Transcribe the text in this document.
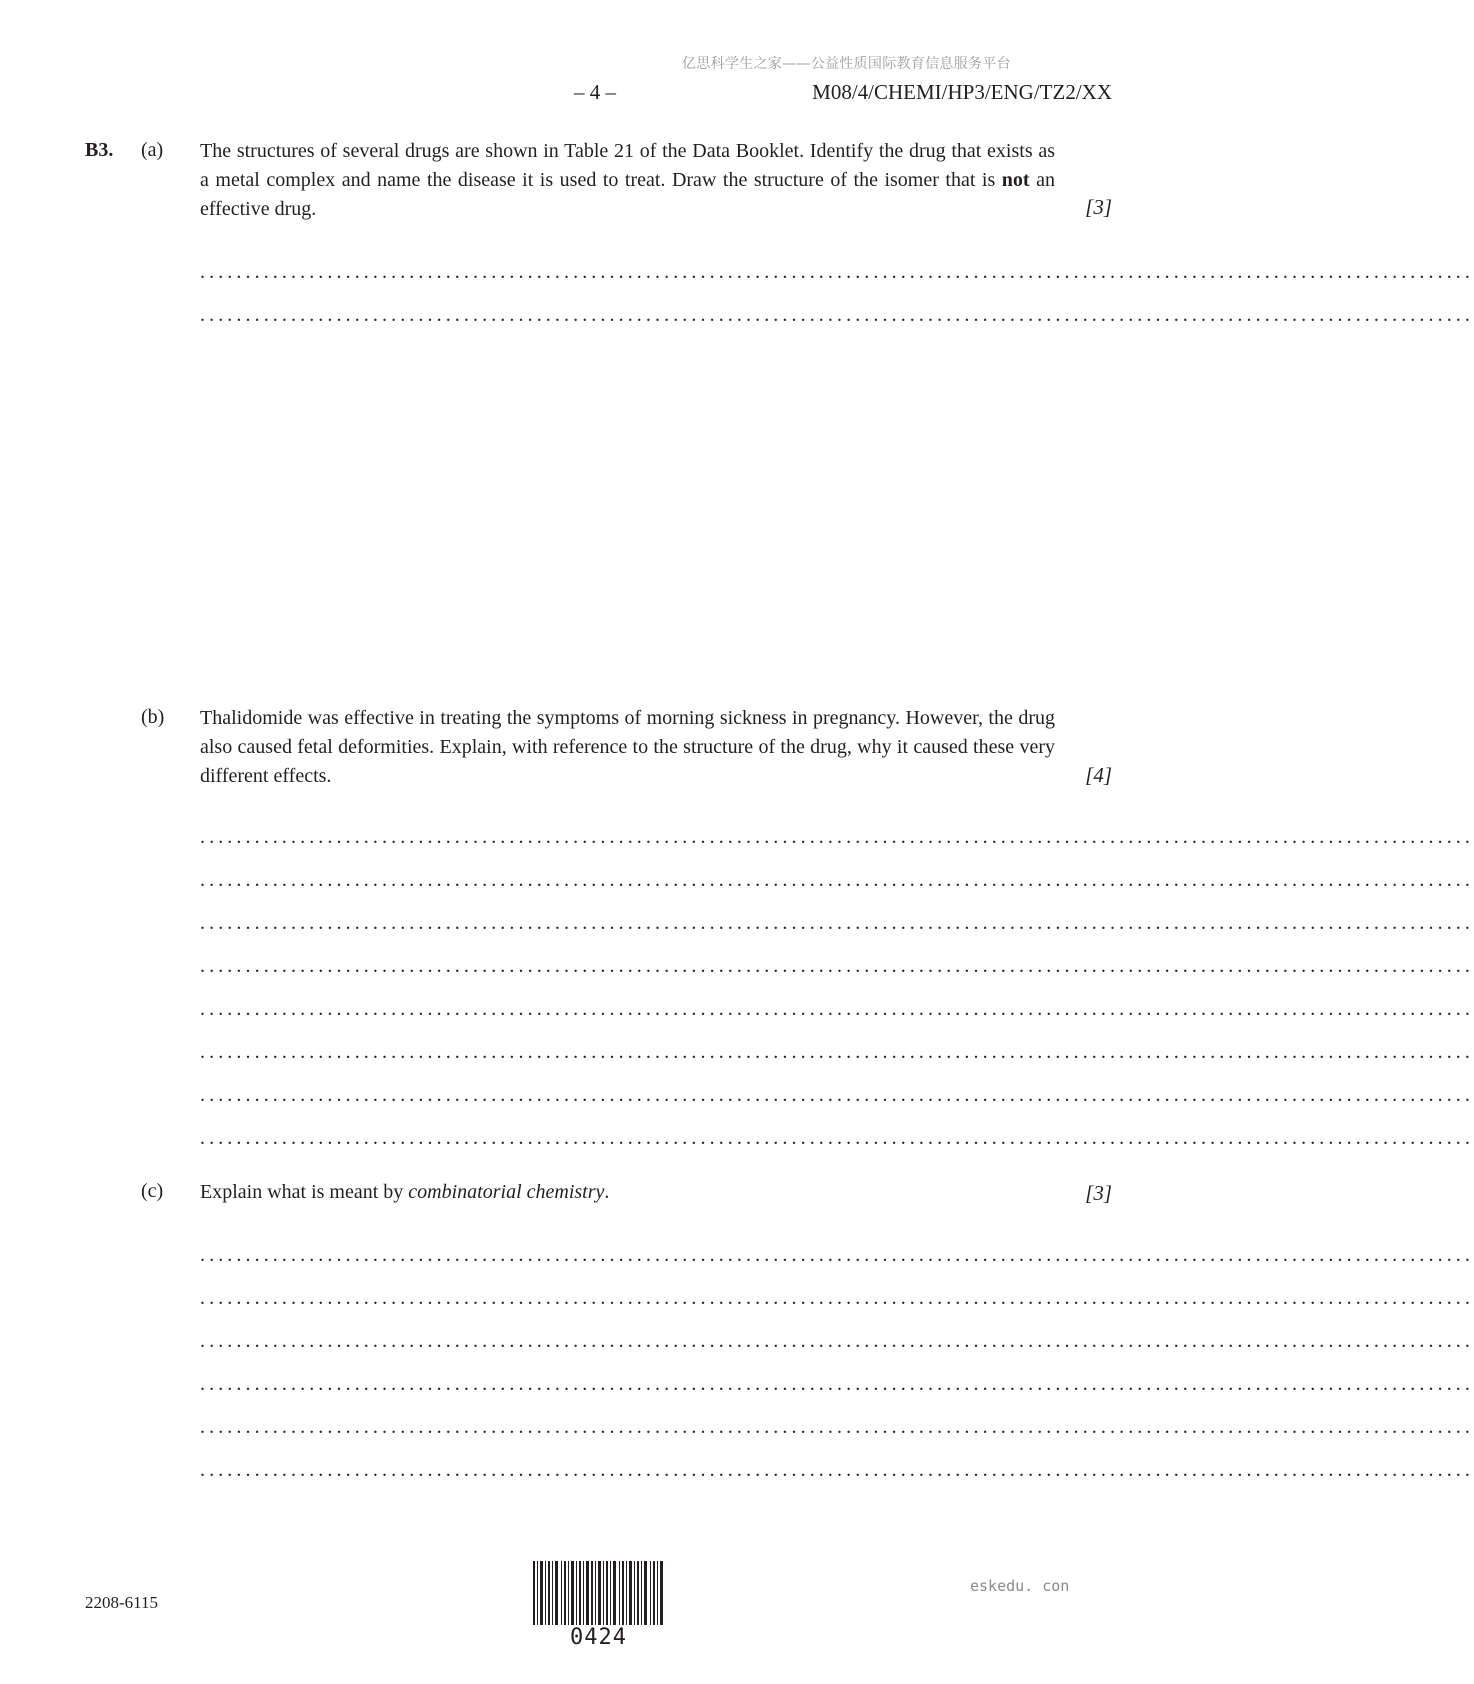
亿思科学生之家——公益性质国际教育信息服务平台
– 4 –	M08/4/CHEMI/HP3/ENG/TZ2/XX
B3. (a) The structures of several drugs are shown in Table 21 of the Data Booklet. Identify the drug that exists as a metal complex and name the disease it is used to treat. Draw the structure of the isomer that is not an effective drug.	[3]
............................................................................................................................................
............................................................................................................................................
(b) Thalidomide was effective in treating the symptoms of morning sickness in pregnancy. However, the drug also caused fetal deformities. Explain, with reference to the structure of the drug, why it caused these very different effects.	[4]
............................................................................................................................................
............................................................................................................................................
............................................................................................................................................
............................................................................................................................................
............................................................................................................................................
............................................................................................................................................
............................................................................................................................................
............................................................................................................................................
(c) Explain what is meant by combinatorial chemistry.	[3]
............................................................................................................................................
............................................................................................................................................
............................................................................................................................................
............................................................................................................................................
............................................................................................................................................
............................................................................................................................................
2208-6115
0424
eskedu. con
